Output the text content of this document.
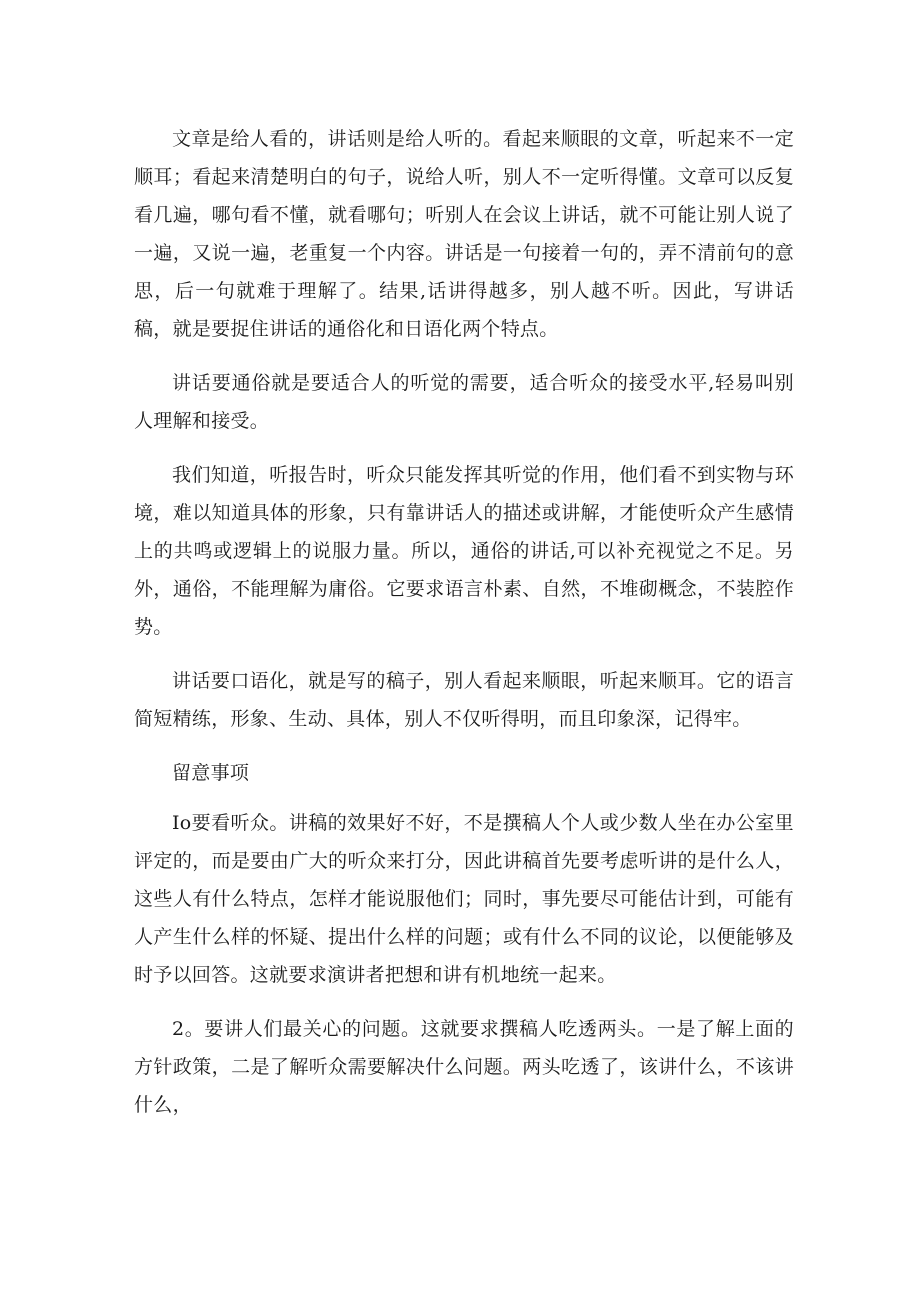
文章是给人看的，讲话则是给人听的。看起来顺眼的文章，听起来不一定顺耳；看起来清楚明白的句子，说给人听，别人不一定听得懂。文章可以反复看几遍，哪句看不懂，就看哪句；听别人在会议上讲话，就不可能让别人说了一遍，又说一遍，老重复一个内容。讲话是一句接着一句的，弄不清前句的意思，后一句就难于理解了。结果,话讲得越多，别人越不听。因此，写讲话稿，就是要捉住讲话的通俗化和日语化两个特点。

讲话要通俗就是要适合人的听觉的需要，适合听众的接受水平,轻易叫别人理解和接受。

我们知道，听报告时，听众只能发挥其听觉的作用，他们看不到实物与环境，难以知道具体的形象，只有靠讲话人的描述或讲解，才能使听众产生感情上的共鸣或逻辑上的说服力量。所以，通俗的讲话,可以补充视觉之不足。另外，通俗，不能理解为庸俗。它要求语言朴素、自然，不堆砌概念，不装腔作势。

讲话要口语化，就是写的稿子，别人看起来顺眼，听起来顺耳。它的语言简短精练，形象、生动、具体，别人不仅听得明，而且印象深，记得牢。

留意事项

Io要看听众。讲稿的效果好不好，不是撰稿人个人或少数人坐在办公室里评定的，而是要由广大的听众来打分，因此讲稿首先要考虑听讲的是什么人，这些人有什么特点，怎样才能说服他们；同时，事先要尽可能估计到，可能有人产生什么样的怀疑、提出什么样的问题；或有什么不同的议论，以便能够及时予以回答。这就要求演讲者把想和讲有机地统一起来。

2。要讲人们最关心的问题。这就要求撰稿人吃透两头。一是了解上面的方针政策，二是了解听众需要解决什么问题。两头吃透了，该讲什么，不该讲什么，
